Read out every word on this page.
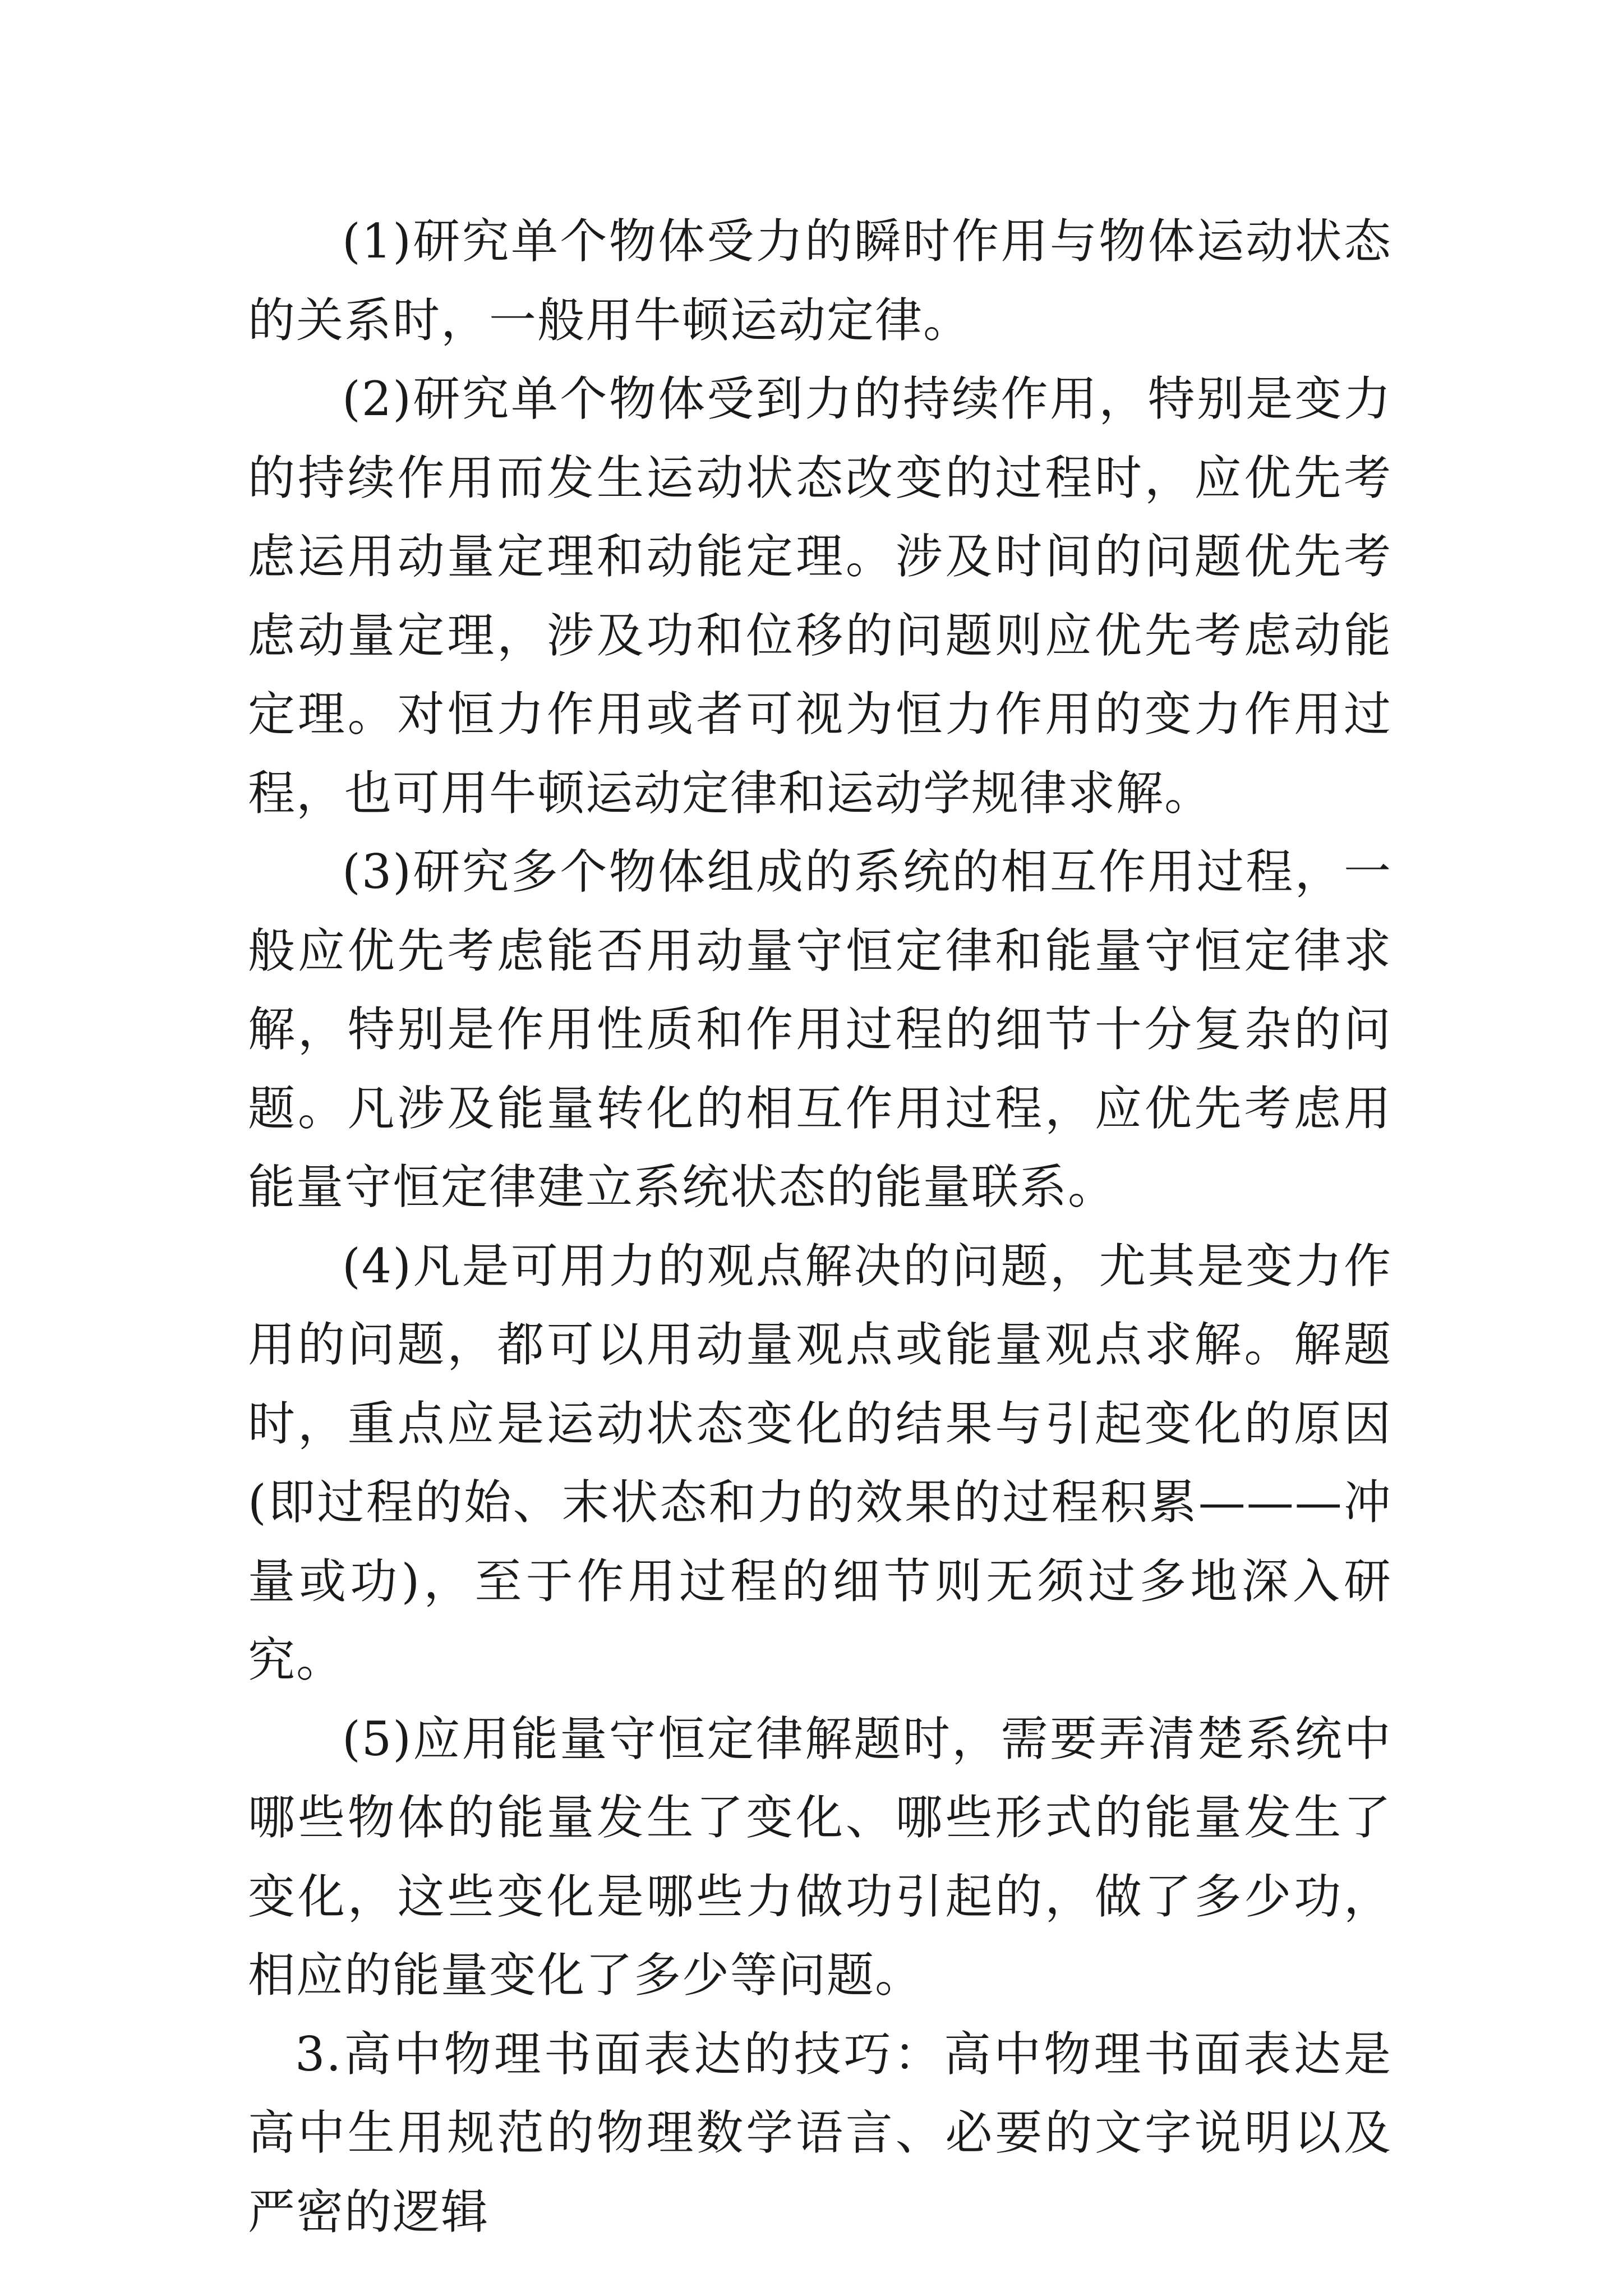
(1)研究单个物体受力的瞬时作用与物体运动状态的关系时，一般用牛顿运动定律。

(2)研究单个物体受到力的持续作用，特别是变力的持续作用而发生运动状态改变的过程时，应优先考虑运用动量定理和动能定理。涉及时间的问题优先考虑动量定理，涉及功和位移的问题则应优先考虑动能定理。对恒力作用或者可视为恒力作用的变力作用过程，也可用牛顿运动定律和运动学规律求解。

(3)研究多个物体组成的系统的相互作用过程，一般应优先考虑能否用动量守恒定律和能量守恒定律求解，特别是作用性质和作用过程的细节十分复杂的问题。凡涉及能量转化的相互作用过程，应优先考虑用能量守恒定律建立系统状态的能量联系。

(4)凡是可用力的观点解决的问题，尤其是变力作用的问题，都可以用动量观点或能量观点求解。解题时，重点应是运动状态变化的结果与引起变化的原因(即过程的始、末状态和力的效果的过程积累———冲量或功)，至于作用过程的细节则无须过多地深入研究。

(5)应用能量守恒定律解题时，需要弄清楚系统中哪些物体的能量发生了变化、哪些形式的能量发生了变化，这些变化是哪些力做功引起的，做了多少功，相应的能量变化了多少等问题。

3.高中物理书面表达的技巧：高中物理书面表达是高中生用规范的物理数学语言、必要的文字说明以及严密的逻辑
